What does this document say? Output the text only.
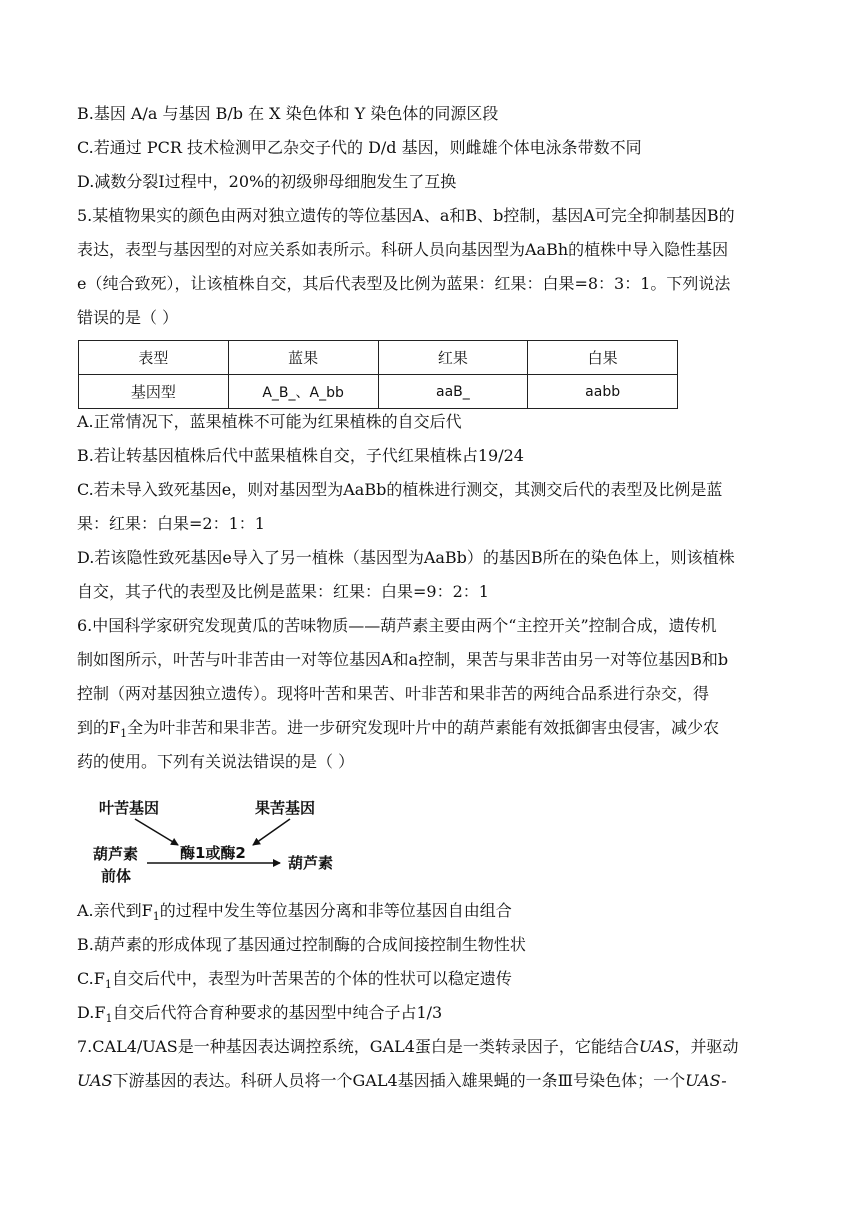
B.基因 A/a 与基因 B/b 在 X 染色体和 Y 染色体的同源区段
C.若通过 PCR 技术检测甲乙杂交子代的 D/d 基因，则雌雄个体电泳条带数不同
D.减数分裂Ⅰ过程中，20%的初级卵母细胞发生了互换
5.某植物果实的颜色由两对独立遗传的等位基因A、a和B、b控制，基因A可完全抑制基因B的
表达，表型与基因型的对应关系如表所示。科研人员向基因型为AaBh的植株中导入隐性基因
e（纯合致死），让该植株自交，其后代表型及比例为蓝果：红果：白果=8：3：1。下列说法
错误的是（ ）
表型	蓝果	红果	白果
基因型	A_B_、A_bb	aaB_	aabb
A.正常情况下，蓝果植株不可能为红果植株的自交后代
B.若让转基因植株后代中蓝果植株自交，子代红果植株占19/24
C.若未导入致死基因e，则对基因型为AaBb的植株进行测交，其测交后代的表型及比例是蓝
果：红果：白果=2：1：1
D.若该隐性致死基因e导入了另一植株（基因型为AaBb）的基因B所在的染色体上，则该植株
自交，其子代的表型及比例是蓝果：红果：白果=9：2：1
6.中国科学家研究发现黄瓜的苦味物质——葫芦素主要由两个“主控开关”控制合成，遗传机
制如图所示，叶苦与叶非苦由一对等位基因A和a控制，果苦与果非苦由另一对等位基因B和b
控制（两对基因独立遗传）。现将叶苦和果苦、叶非苦和果非苦的两纯合品系进行杂交，得
到的$F_1$全为叶非苦和果非苦。进一步研究发现叶片中的葫芦素能有效抵御害虫侵害，减少农
药的使用。下列有关说法错误的是（ ）
叶苦基因	果苦基因
葫芦素
前体
酶1或酶2
葫芦素
A.亲代到$F_1$的过程中发生等位基因分离和非等位基因自由组合
B.葫芦素的形成体现了基因通过控制酶的合成间接控制生物性状
$C.F_1$自交后代中，表型为叶苦果苦的个体的性状可以稳定遗传
$D.F_1$自交后代符合育种要求的基因型中纯合子占1/3
7.CAL4/UAS是一种基因表达调控系统，GAL4蛋白是一类转录因子，它能结合UAS，并驱动
UAS下游基因的表达。科研人员将一个GAL4基因插入雄果蝇的一条Ⅲ号染色体；一个UAS-
